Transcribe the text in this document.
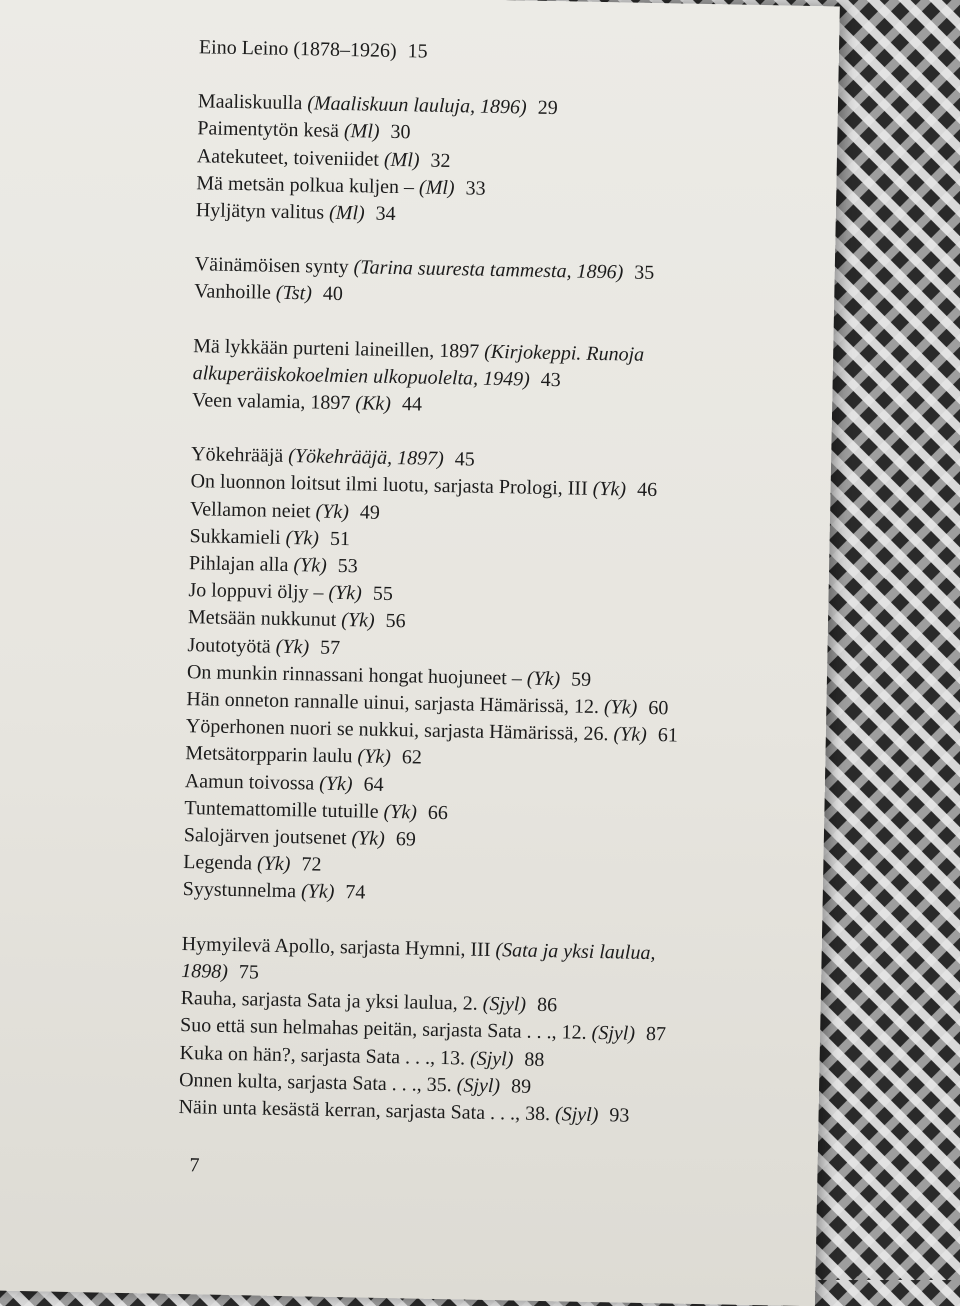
Eino Leino (1878–1926) 15
Maaliskuulla (Maaliskuun lauluja, 1896) 29
Paimentytön kesä (Ml) 30
Aatekuteet, toiveniidet (Ml) 32
Mä metsän polkua kuljen – (Ml) 33
Hyljätyn valitus (Ml) 34
Väinämöisen synty (Tarina suuresta tammesta, 1896) 35
Vanhoille (Tst) 40
Mä lykkään purteni laineillen, 1897 (Kirjokeppi. Runoja
alkuperäiskokoelmien ulkopuolelta, 1949) 43
Veen valamia, 1897 (Kk) 44
Yökehrääjä (Yökehrääjä, 1897) 45
On luonnon loitsut ilmi luotu, sarjasta Prologi, III (Yk) 46
Vellamon neiet (Yk) 49
Sukkamieli (Yk) 51
Pihlajan alla (Yk) 53
Jo loppuvi öljy – (Yk) 55
Metsään nukkunut (Yk) 56
Joutotyötä (Yk) 57
On munkin rinnassani hongat huojuneet – (Yk) 59
Hän onneton rannalle uinui, sarjasta Hämärissä, 12. (Yk) 60
Yöperhonen nuori se nukkui, sarjasta Hämärissä, 26. (Yk) 61
Metsätorpparin laulu (Yk) 62
Aamun toivossa (Yk) 64
Tuntemattomille tutuille (Yk) 66
Salojärven joutsenet (Yk) 69
Legenda (Yk) 72
Syystunnelma (Yk) 74
Hymyilevä Apollo, sarjasta Hymni, III (Sata ja yksi laulua,
1898) 75
Rauha, sarjasta Sata ja yksi laulua, 2. (Sjyl) 86
Suo että sun helmahas peitän, sarjasta Sata . . ., 12. (Sjyl) 87
Kuka on hän?, sarjasta Sata . . ., 13. (Sjyl) 88
Onnen kulta, sarjasta Sata . . ., 35. (Sjyl) 89
Näin unta kesästä kerran, sarjasta Sata . . ., 38. (Sjyl) 93
7
